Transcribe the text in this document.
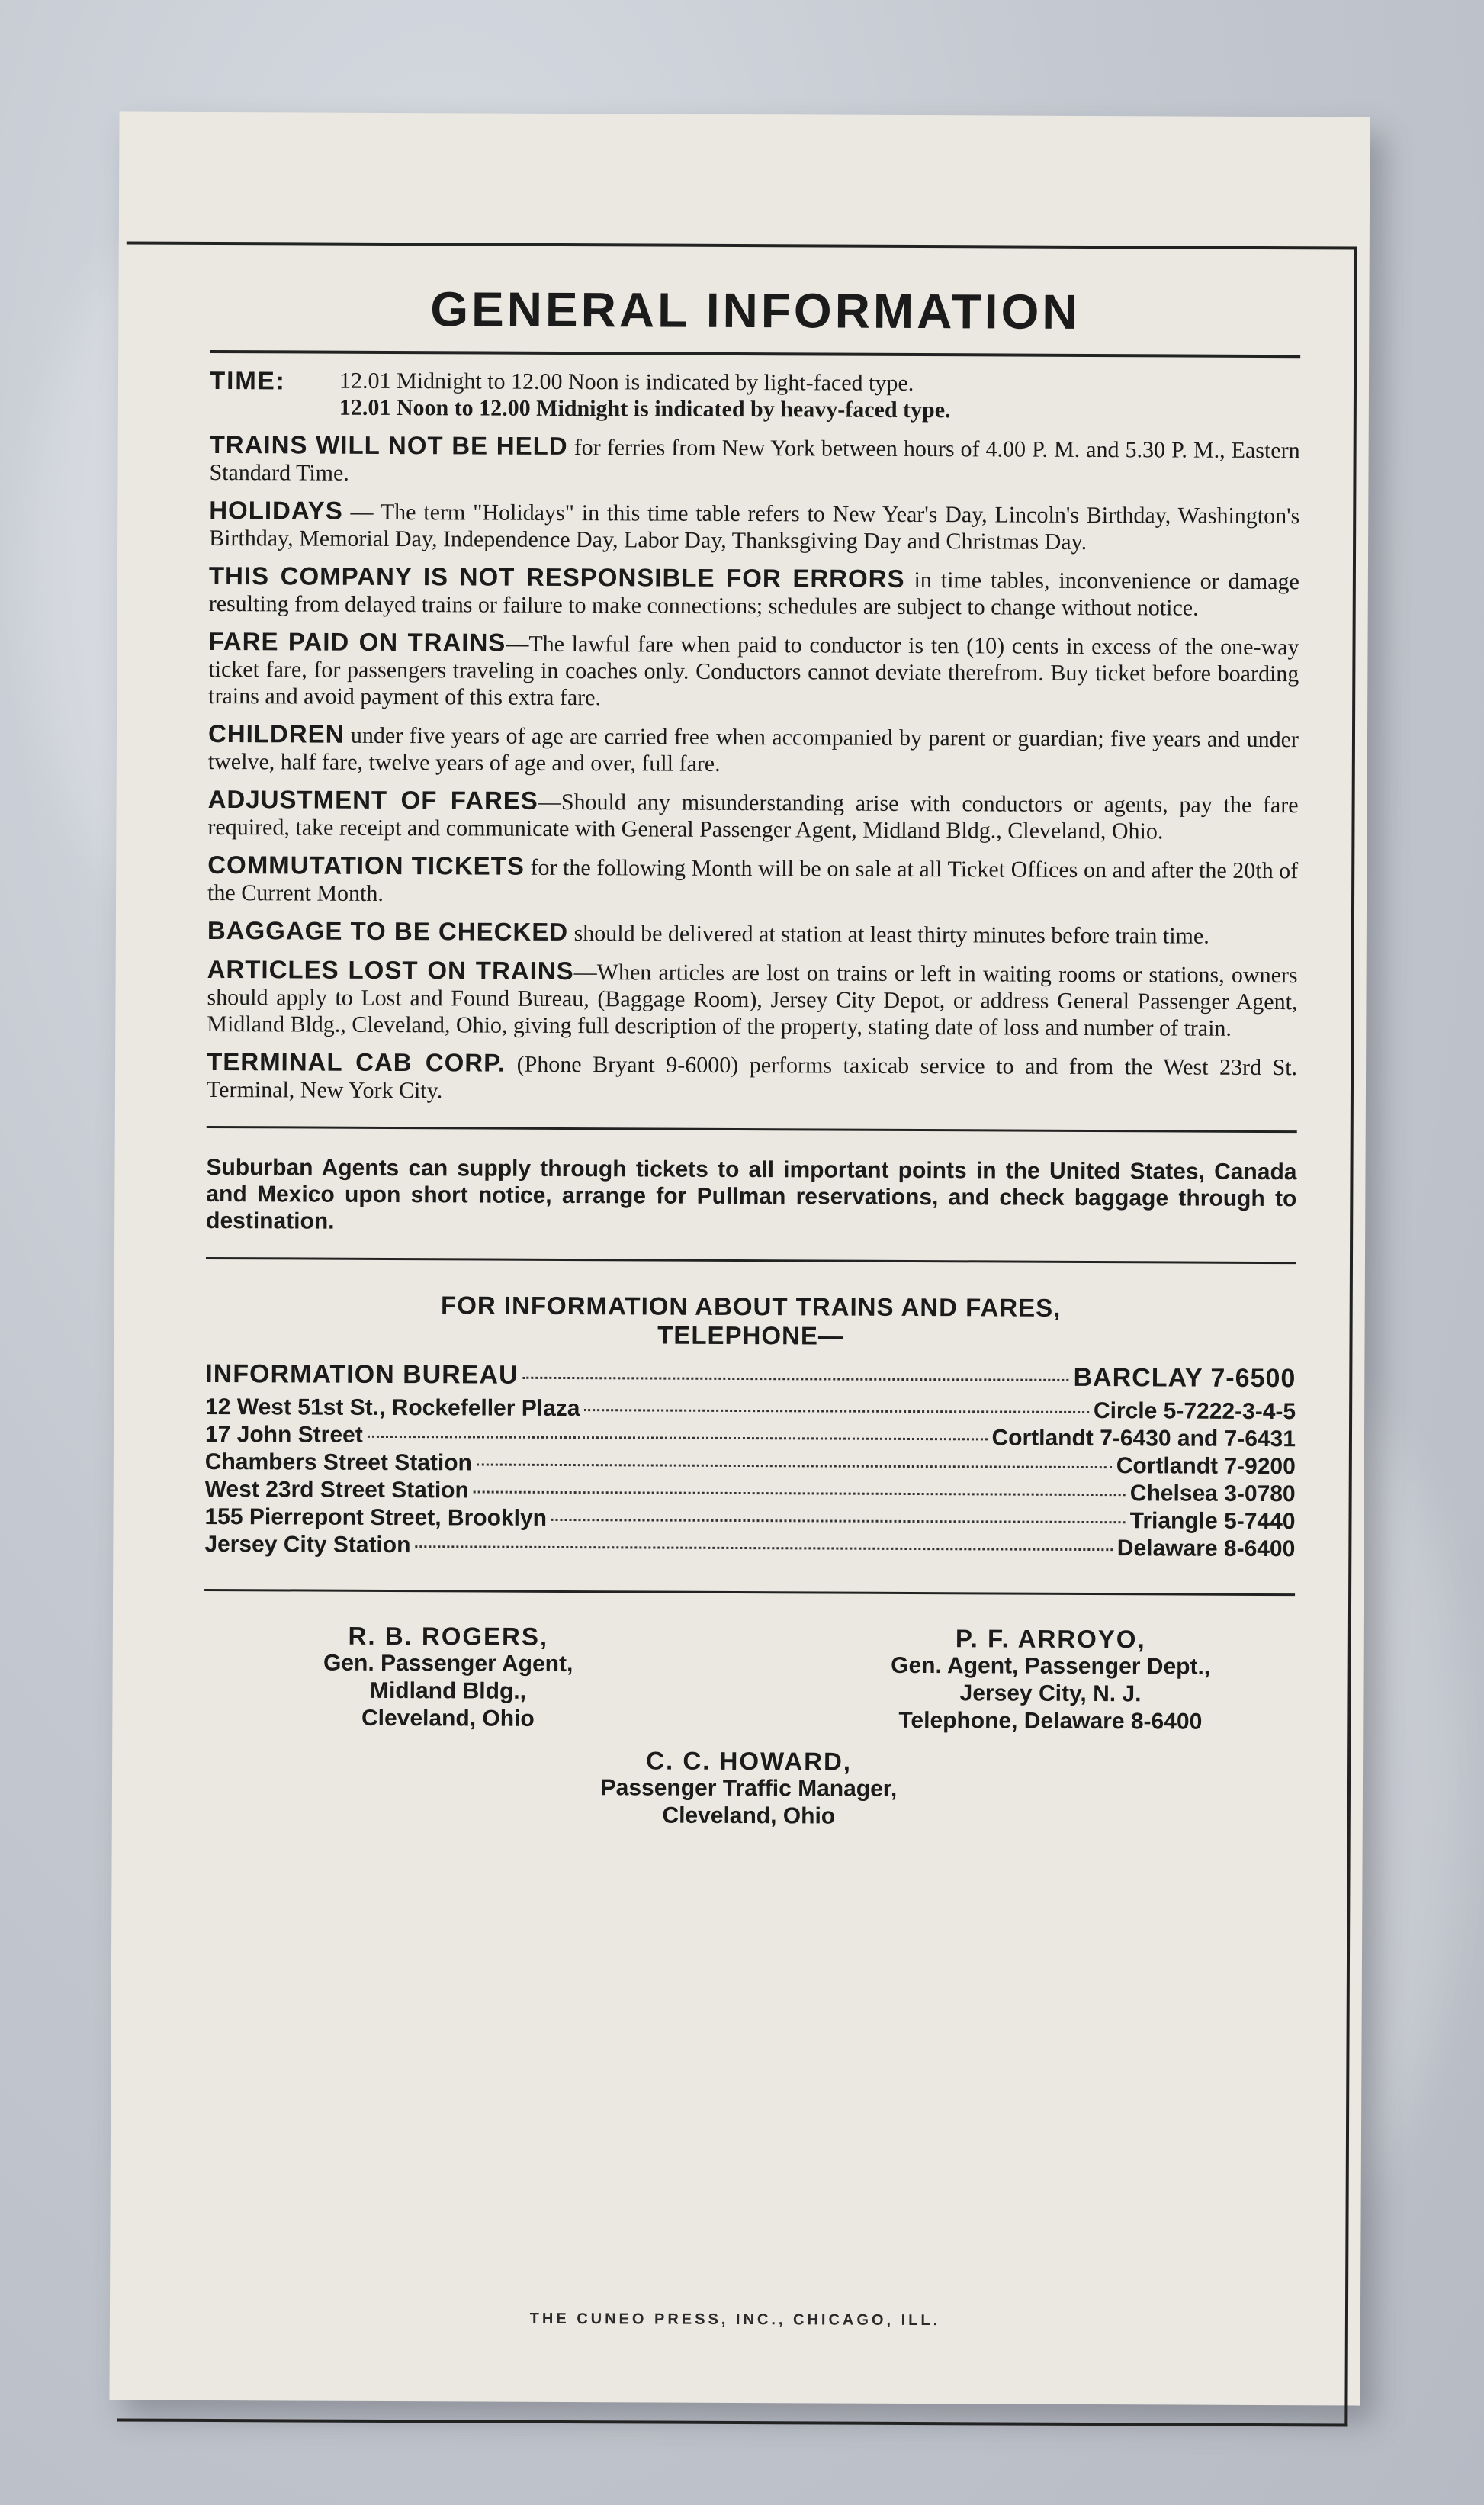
GENERAL INFORMATION
TIME:	12.01 Midnight to 12.00 Noon is indicated by light-faced type.
12.01 Noon to 12.00 Midnight is indicated by heavy-faced type.

TRAINS WILL NOT BE HELD for ferries from New York between hours of 4.00 P. M. and 5.30 P. M., Eastern Standard Time.

HOLIDAYS — The term "Holidays" in this time table refers to New Year's Day, Lincoln's Birthday, Washington's Birthday, Memorial Day, Independence Day, Labor Day, Thanksgiving Day and Christmas Day.

THIS COMPANY IS NOT RESPONSIBLE FOR ERRORS in time tables, inconvenience or damage resulting from delayed trains or failure to make connections; schedules are subject to change without notice.

FARE PAID ON TRAINS—The lawful fare when paid to conductor is ten (10) cents in excess of the one-way ticket fare, for passengers traveling in coaches only. Conductors cannot deviate therefrom. Buy ticket before boarding trains and avoid payment of this extra fare.

CHILDREN under five years of age are carried free when accompanied by parent or guardian; five years and under twelve, half fare, twelve years of age and over, full fare.

ADJUSTMENT OF FARES—Should any misunderstanding arise with conductors or agents, pay the fare required, take receipt and communicate with General Passenger Agent, Midland Bldg., Cleveland, Ohio.

COMMUTATION TICKETS for the following Month will be on sale at all Ticket Offices on and after the 20th of the Current Month.

BAGGAGE TO BE CHECKED should be delivered at station at least thirty minutes before train time.

ARTICLES LOST ON TRAINS—When articles are lost on trains or left in waiting rooms or stations, owners should apply to Lost and Found Bureau, (Baggage Room), Jersey City Depot, or address General Passenger Agent, Midland Bldg., Cleveland, Ohio, giving full description of the property, stating date of loss and number of train.

TERMINAL CAB CORP. (Phone Bryant 9-6000) performs taxicab service to and from the West 23rd St. Terminal, New York City.

Suburban Agents can supply through tickets to all important points in the United States, Canada and Mexico upon short notice, arrange for Pullman reservations, and check baggage through to destination.
FOR INFORMATION ABOUT TRAINS AND FARES,
TELEPHONE—
INFORMATION BUREAU	BARCLAY 7-6500
12 West 51st St., Rockefeller Plaza	Circle 5-7222-3-4-5
17 John Street	Cortlandt 7-6430 and 7-6431
Chambers Street Station	Cortlandt 7-9200
West 23rd Street Station	Chelsea 3-0780
155 Pierrepont Street, Brooklyn	Triangle 5-7440
Jersey City Station	Delaware 8-6400
R. B. ROGERS,
Gen. Passenger Agent,
Midland Bldg.,
Cleveland, Ohio
P. F. ARROYO,
Gen. Agent, Passenger Dept.,
Jersey City, N. J.
Telephone, Delaware 8-6400
C. C. HOWARD,
Passenger Traffic Manager,
Cleveland, Ohio
THE CUNEO PRESS, INC., CHICAGO, ILL.
